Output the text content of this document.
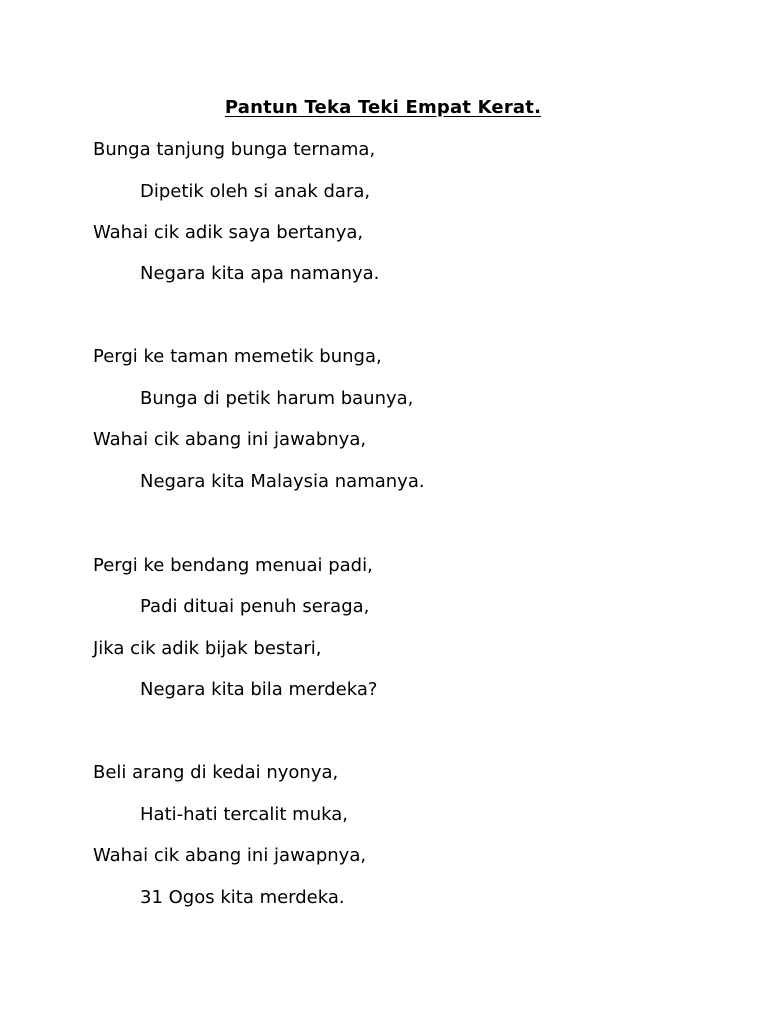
Pantun Teka Teki Empat Kerat.

Bunga tanjung bunga ternama,

Dipetik oleh si anak dara,

Wahai cik adik saya bertanya,

Negara kita apa namanya.

Pergi ke taman memetik bunga,

Bunga di petik harum baunya,

Wahai cik abang ini jawabnya,

Negara kita Malaysia namanya.

Pergi ke bendang menuai padi,

Padi dituai penuh seraga,

Jika cik adik bijak bestari,

Negara kita bila merdeka?

Beli arang di kedai nyonya,

Hati-hati tercalit muka,

Wahai cik abang ini jawapnya,

31 Ogos kita merdeka.
